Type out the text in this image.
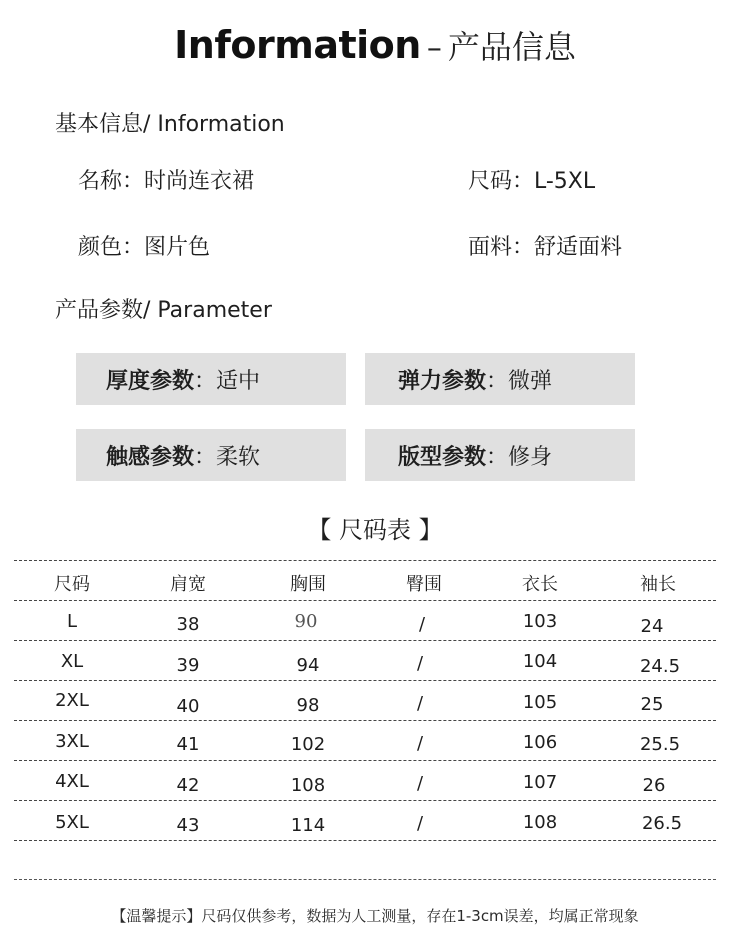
Information – 产品信息
基本信息/ Information
名称：时尚连衣裙	尺码：L-5XL
颜色：图片色	面料：舒适面料
产品参数/ Parameter
厚度参数 ： 适中	弹力参数 ： 微弹
触感参数 ： 柔软	版型参数 ： 修身
【 尺码表 】
尺码	肩宽	胸围	臀围	衣长	袖长
L	38	90	/	103	24
XL	39	94	/	104	24.5
2XL	40	98	/	105	25
3XL	41	102	/	106	25.5
4XL	42	108	/	107	26
5XL	43	114	/	108	26.5
【温馨提示】尺码仅供参考，数据为人工测量，存在1-3cm误差，均属正常现象
